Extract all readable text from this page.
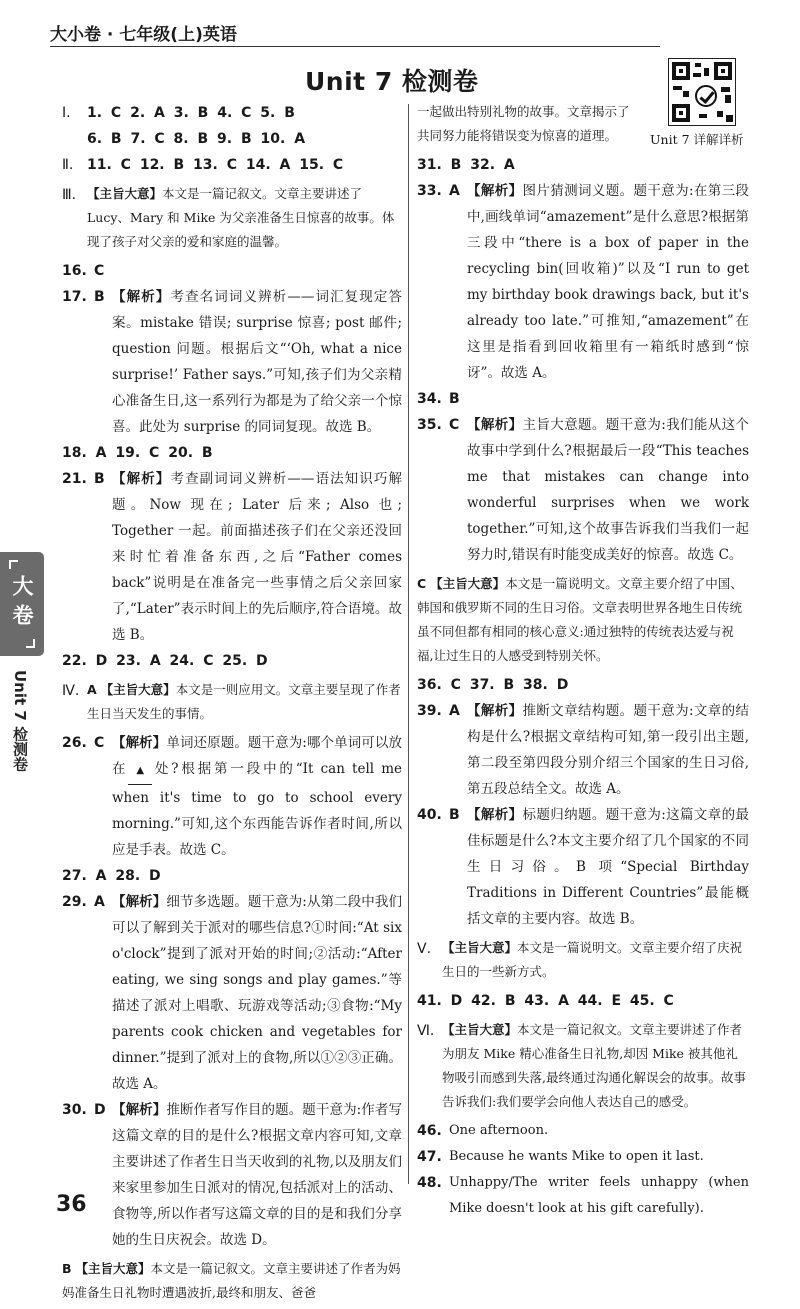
大小卷 · 七年级(上)英语
Unit 7 检测卷
Unit 7 详解详析
大卷
Unit 7 检测卷
Ⅰ.	1. C 2. A 3. B 4. C 5. B
6. B 7. C 8. B 9. B 10. A
Ⅱ. 11. C 12. B 13. C 14. A 15. C
Ⅲ. 【主旨大意】本文是一篇记叙文。文章主要讲述了 Lucy、Mary 和 Mike 为父亲准备生日惊喜的故事。体现了孩子对父亲的爱和家庭的温馨。
16. C
17. B 【解析】考查名词词义辨析——词汇复现定答案。mistake 错误; surprise 惊喜; post 邮件; question 问题。根据后文“‘Oh, what a nice surprise!’ Father says.”可知,孩子们为父亲精心准备生日,这一系列行为都是为了给父亲一个惊喜。此处为 surprise 的同词复现。故选 B。
18. A 19. C 20. B
21. B 【解析】考查副词词义辨析——语法知识巧解题。Now 现在; Later 后来; Also 也; Together 一起。前面描述孩子们在父亲还没回来时忙着准备东西,之后“Father comes back”说明是在准备完一些事情之后父亲回家了,“Later”表示时间上的先后顺序,符合语境。故选 B。
22. D 23. A 24. C 25. D
Ⅳ. A 【主旨大意】本文是一则应用文。文章主要呈现了作者生日当天发生的事情。
26. C 【解析】单词还原题。题干意为:哪个单词可以放在 ▲ 处?根据第一段中的“It can tell me when it's time to go to school every morning.”可知,这个东西能告诉作者时间,所以应是手表。故选 C。
27. A 28. D
29. A 【解析】细节多选题。题干意为:从第二段中我们可以了解到关于派对的哪些信息?①时间:“At six o'clock”提到了派对开始的时间;②活动:“After eating, we sing songs and play games.”等描述了派对上唱歌、玩游戏等活动;③食物:“My parents cook chicken and vegetables for dinner.”提到了派对上的食物,所以①②③正确。故选 A。
30. D 【解析】推断作者写作目的题。题干意为:作者写这篇文章的目的是什么?根据文章内容可知,文章主要讲述了作者生日当天收到的礼物,以及朋友们来家里参加生日派对的情况,包括派对上的活动、食物等,所以作者写这篇文章的目的是和我们分享她的生日庆祝会。故选 D。
B 【主旨大意】本文是一篇记叙文。文章主要讲述了作者为妈妈准备生日礼物时遭遇波折,最终和朋友、爸爸
一起做出特别礼物的故事。文章揭示了共同努力能将错误变为惊喜的道理。
31. B 32. A
33. A 【解析】图片猜测词义题。题干意为:在第三段中,画线单词“amazement”是什么意思?根据第三段中“there is a box of paper in the recycling bin(回收箱)”以及“I run to get my birthday book drawings back, but it's already too late.”可推知,“amazement”在这里是指看到回收箱里有一箱纸时感到“惊讶”。故选 A。
34. B
35. C 【解析】主旨大意题。题干意为:我们能从这个故事中学到什么?根据最后一段“This teaches me that mistakes can change into wonderful surprises when we work together.”可知,这个故事告诉我们当我们一起努力时,错误有时能变成美好的惊喜。故选 C。
C 【主旨大意】本文是一篇说明文。文章主要介绍了中国、韩国和俄罗斯不同的生日习俗。文章表明世界各地生日传统虽不同但都有相同的核心意义:通过独特的传统表达爱与祝福,让过生日的人感受到特别关怀。
36. C 37. B 38. D
39. A 【解析】推断文章结构题。题干意为:文章的结构是什么?根据文章结构可知,第一段引出主题,第二段至第四段分别介绍三个国家的生日习俗,第五段总结全文。故选 A。
40. B 【解析】标题归纳题。题干意为:这篇文章的最佳标题是什么?本文主要介绍了几个国家的不同生日习俗。B 项“Special Birthday Traditions in Different Countries”最能概括文章的主要内容。故选 B。
Ⅴ. 【主旨大意】本文是一篇说明文。文章主要介绍了庆祝生日的一些新方式。
41. D 42. B 43. A 44. E 45. C
Ⅵ. 【主旨大意】本文是一篇记叙文。文章主要讲述了作者为朋友 Mike 精心准备生日礼物,却因 Mike 被其他礼物吸引而感到失落,最终通过沟通化解误会的故事。故事告诉我们:我们要学会向他人表达自己的感受。
46. One afternoon.
47. Because he wants Mike to open it last.
48. Unhappy/The writer feels unhappy (when Mike doesn't look at his gift carefully).
36
